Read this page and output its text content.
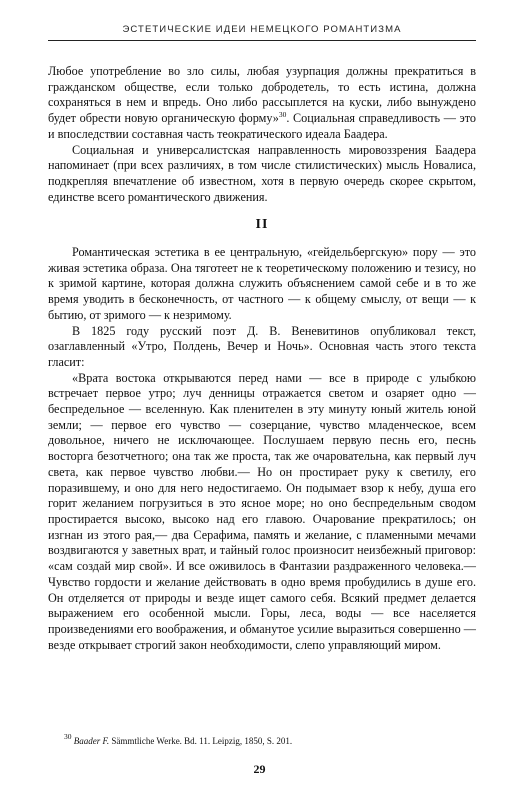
ЭСТЕТИЧЕСКИЕ ИДЕИ НЕМЕЦКОГО РОМАНТИЗМА

Любое употребление во зло силы, любая узурпация должны прекратиться в гражданском обществе, если только добродетель, то есть истина, должна сохраняться в нем и впредь. Оно либо рассыплется на куски, либо вынуждено будет обрести новую органическую форму»$^{30}$. Социальная справедливость — это и впоследствии составная часть теократического идеала Баадера.

Социальная и универсалистская направленность мировоззрения Баадера напоминает (при всех различиях, в том числе стилистических) мысль Новалиса, подкрепляя впечатление об известном, хотя в первую очередь скорее скрытом, единстве всего романтического движения.

II

Романтическая эстетика в ее центральную, «гейдельбергскую» пору — это живая эстетика образа. Она тяготеет не к теоретическому положению и тезису, но к зримой картине, которая должна служить объяснением самой себе и в то же время уводить в бесконечность, от частного — к общему смыслу, от вещи — к бытию, от зримого — к незримому.

В 1825 году русский поэт Д. В. Веневитинов опубликовал текст, озаглавленный «Утро, Полдень, Вечер и Ночь». Основная часть этого текста гласит:

«Врата востока открываются перед нами — все в природе с улыбкою встречает первое утро; луч денницы отражается светом и озаряет одно — беспредельное — вселенную. Как пленителен в эту минуту юный житель юной земли; — первое его чувство — созерцание, чувство младенческое, всем довольное, ничего не исключающее. Послушаем первую песнь его, песнь восторга безотчетного; она так же проста, так же очаровательна, как первый луч света, как первое чувство любви.— Но он простирает руку к светилу, его поразившему, и оно для него недостигаемо. Он подымает взор к небу, душа его горит желанием погрузиться в это ясное море; но оно беспредельным сводом простирается высоко, высоко над его главою. Очарование прекратилось; он изгнан из этого рая,— два Серафима, память и желание, с пламенными мечами воздвигаются у заветных врат, и тайный голос произносит неизбежный приговор: «сам создай мир свой». И все оживилось в Фантазии раздраженного человека.— Чувство гордости и желание действовать в одно время пробудились в душе его. Он отделяется от природы и везде ищет самого себя. Всякий предмет делается выражением его особенной мысли. Горы, леса, воды — все населяется произведениями его воображения, и обманутое усилие выразиться совершенно — везде открывает строгий закон необходимости, слепо управляющий миром.

$^{30}$ Baader F. Sämmtliche Werke. Bd. 11. Leipzig, 1850, S. 201.
29
